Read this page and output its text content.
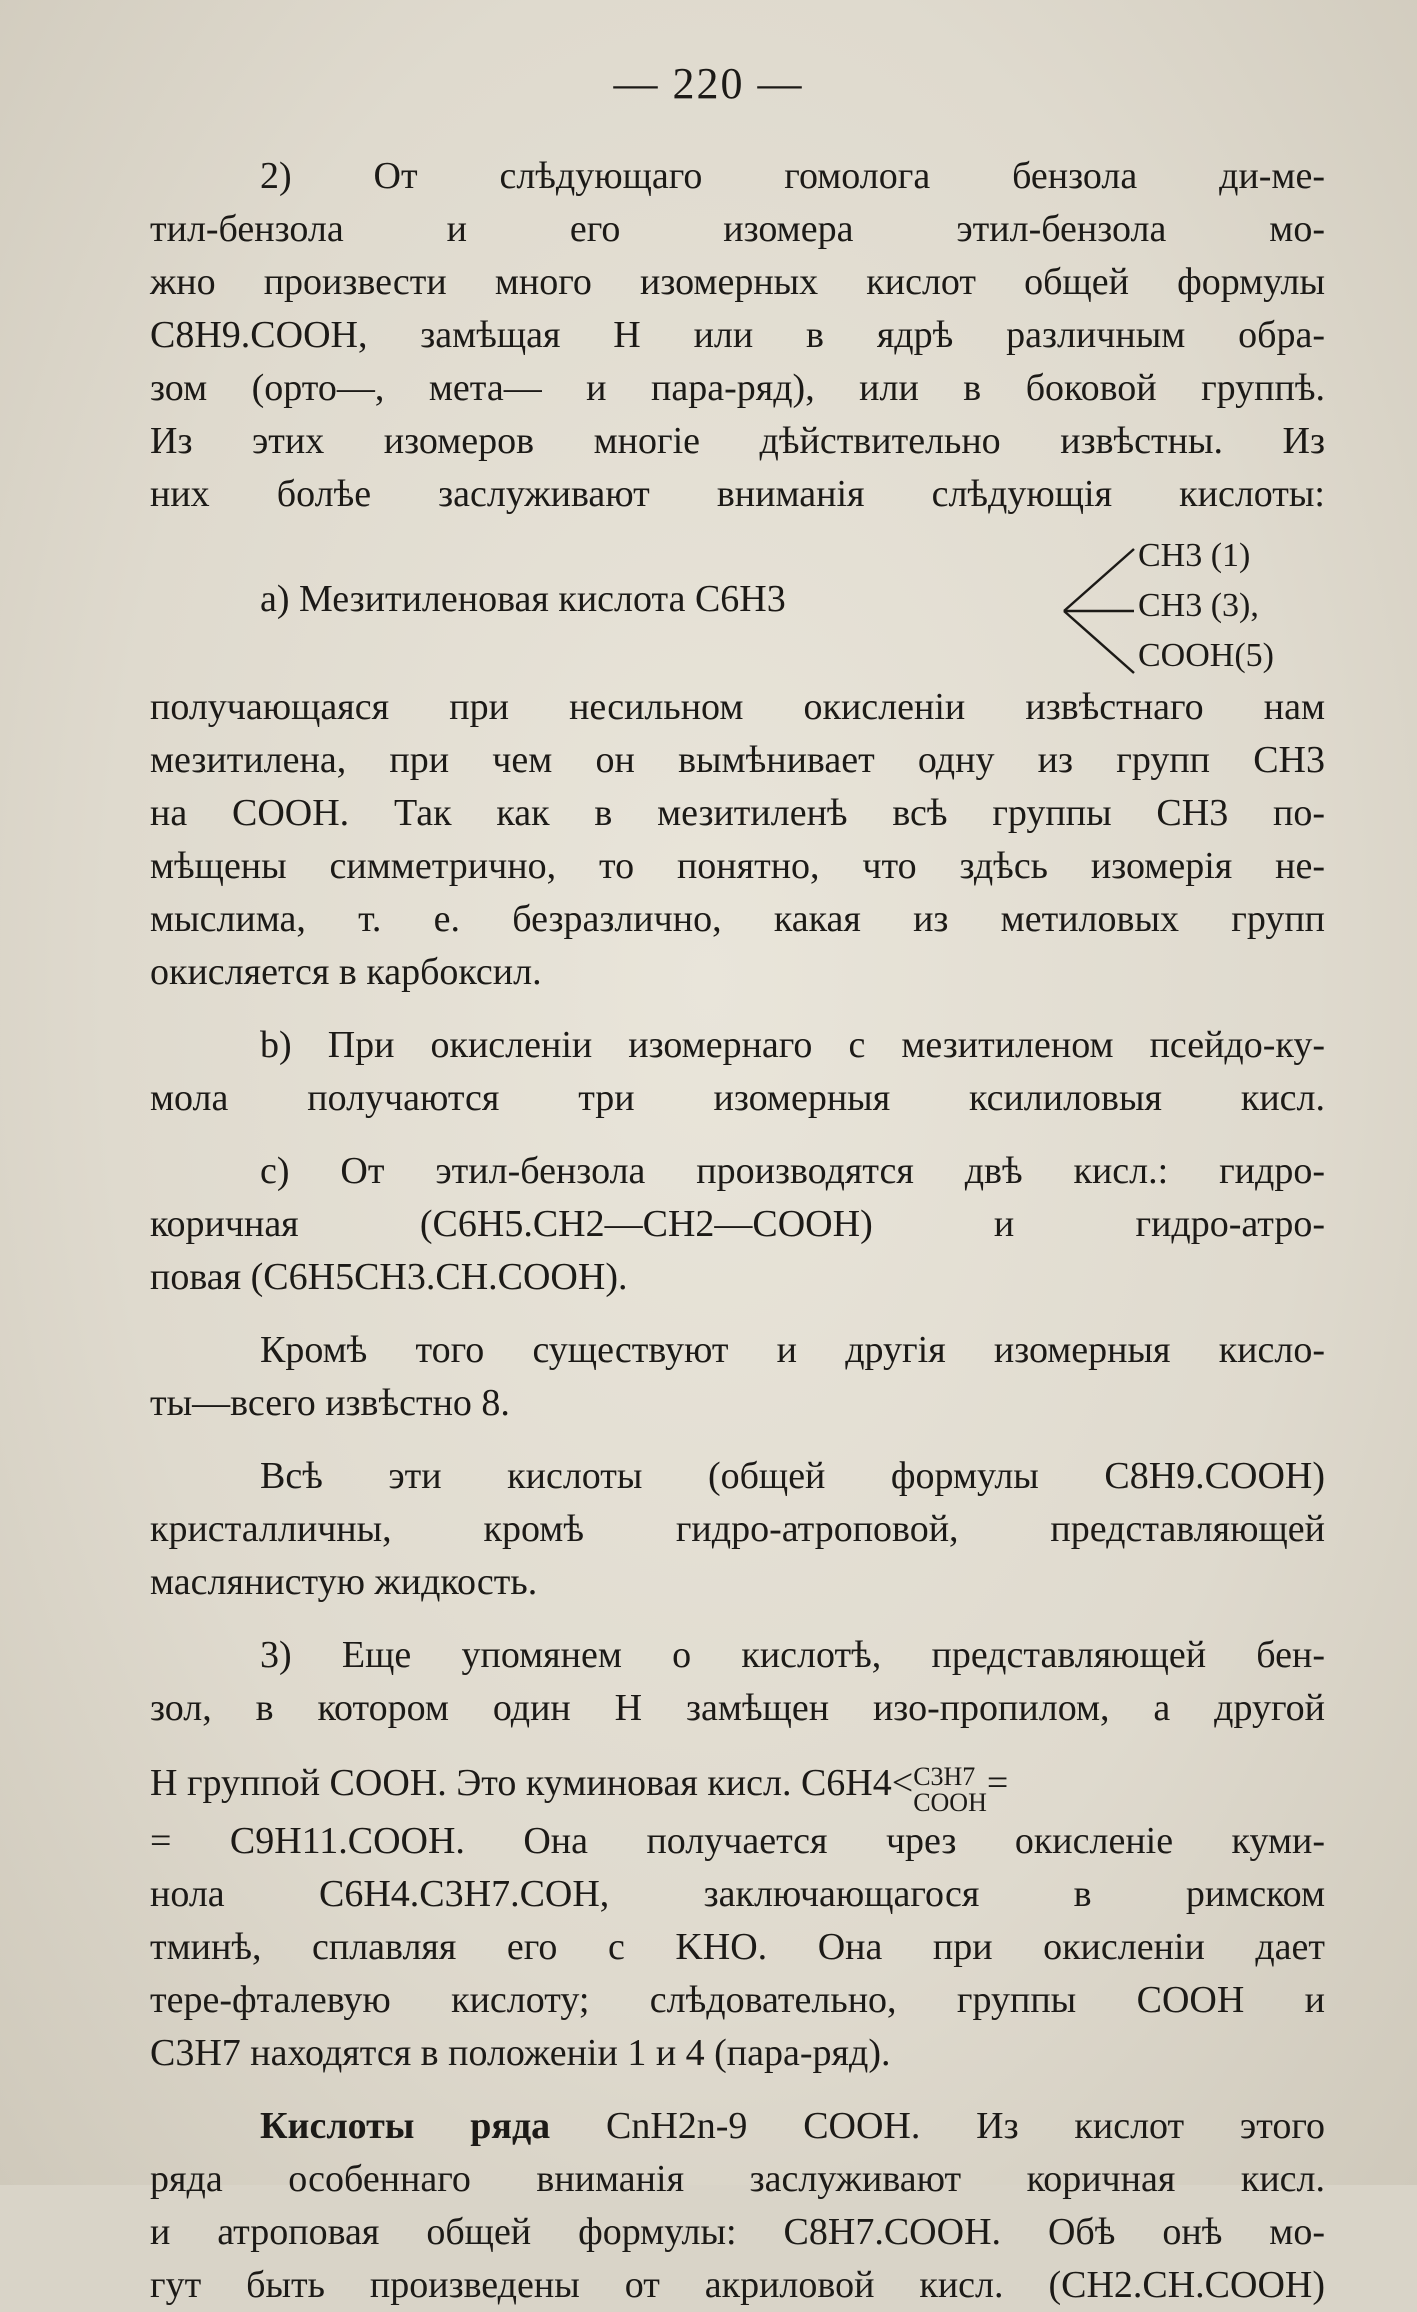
— 220 —
2) От слѣдующаго гомолога бензола ди-ме-
тил-бензола и его изомера этил-бензола мо-
жно произвести много изомерных кислот общей формулы
C8H9.COOH, замѣщая H или в ядрѣ различным обра-
зом (орто—, мета— и пара-ряд), или в боковой группѣ.
Из этих изомеров многіе дѣйствительно извѣстны. Из
них болѣе заслуживают вниманія слѣдующія кислоты:
a) Мезитиленовая кислота C6H3
CH3 (1)
CH3 (3),
COOH(5)
получающаяся при несильном окисленіи извѣстнаго нам
мезитилена, при чем он вымѣнивает одну из групп CH3
на COOH. Так как в мезитиленѣ всѣ группы CH3 по-
мѣщены симметрично, то понятно, что здѣсь изомерія не-
мыслима, т. е. безразлично, какая из метиловых групп
окисляется в карбоксил.
b) При окисленіи изомернаго с мезитиленом псейдо-ку-
мола получаются три изомерныя ксилиловыя кисл.
c) От этил-бензола производятся двѣ кисл.: гидро-
коричная (C6H5.CH2—CH2—COOH) и гидро-атро-
повая (C6H5CH3.CH.COOH).
Кромѣ того существуют и другія изомерныя кисло-
ты—всего извѣстно 8.
Всѣ эти кислоты (общей формулы C8H9.COOH)
кристалличны, кромѣ гидро-атроповой, представляющей
маслянистую жидкость.
3) Еще упомянем о кислотѣ, представляющей бен-
зол, в котором один H замѣщен изо-пропилом, а другой
H группой COOH. Это куминовая кисл. C6H4< C3H7
COOH =
= C9H11.COOH. Она получается чрез окисленіе куми-
нола C6H4.C3H7.COH, заключающагося в римском
тминѣ, сплавляя его с KHO. Она при окисленіи дает
тере-фталевую кислоту; слѣдовательно, группы COOH и
C3H7 находятся в положеніи 1 и 4 (пара-ряд).
Кислоты ряда CnH2n-9 COOH. Из кислот этого
ряда особеннаго вниманія заслуживают коричная кисл.
и атроповая общей формулы: C8H7.COOH. Обѣ онѣ мо-
гут быть произведены от акриловой кисл. (CH2.CH.COOH)
